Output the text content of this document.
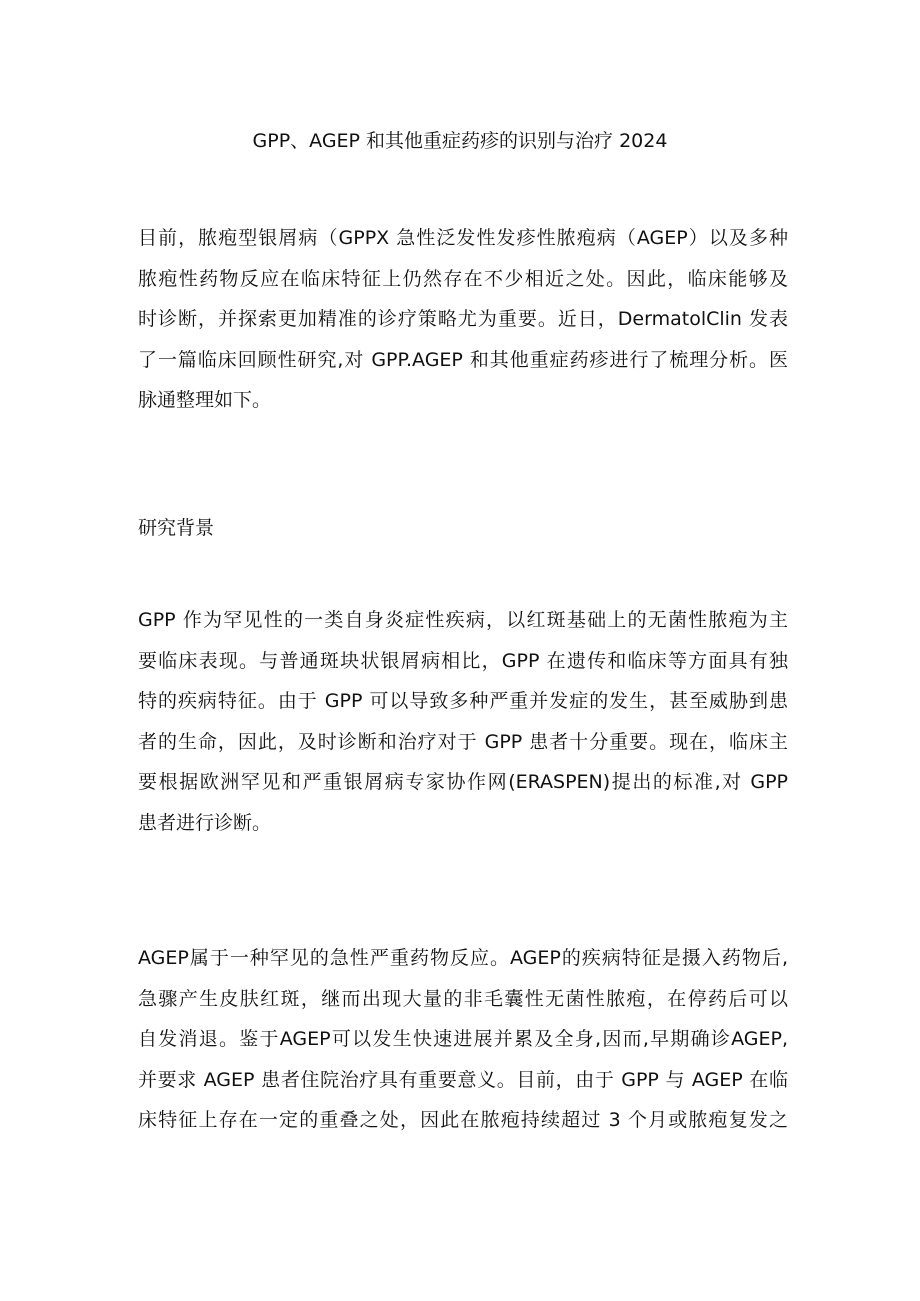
GPP、AGEP 和其他重症药疹的识别与治疗 2024
目前，脓疱型银屑病（GPPX 急性泛发性发疹性脓疱病（AGEP）以及多种
脓疱性药物反应在临床特征上仍然存在不少相近之处。因此，临床能够及
时诊断，并探索更加精准的诊疗策略尤为重要。近日，DermatolClin 发表
了一篇临床回顾性研究,对 GPP.AGEP 和其他重症药疹进行了梳理分析。医
脉通整理如下。
研究背景
GPP 作为罕见性的一类自身炎症性疾病，以红斑基础上的无菌性脓疱为主
要临床表现。与普通斑块状银屑病相比，GPP 在遗传和临床等方面具有独
特的疾病特征。由于 GPP 可以导致多种严重并发症的发生，甚至威胁到患
者的生命，因此，及时诊断和治疗对于 GPP 患者十分重要。现在，临床主
要根据欧洲罕见和严重银屑病专家协作网(ERASPEN)提出的标准,对 GPP
患者进行诊断。
AGEP属于一种罕见的急性严重药物反应。AGEP的疾病特征是摄入药物后,
急骤产生皮肤红斑，继而出现大量的非毛囊性无菌性脓疱，在停药后可以
自发消退。鉴于AGEP可以发生快速进展并累及全身,因而,早期确诊AGEP,
并要求 AGEP 患者住院治疗具有重要意义。目前，由于 GPP 与 AGEP 在临
床特征上存在一定的重叠之处，因此在脓疱持续超过 3 个月或脓疱复发之
